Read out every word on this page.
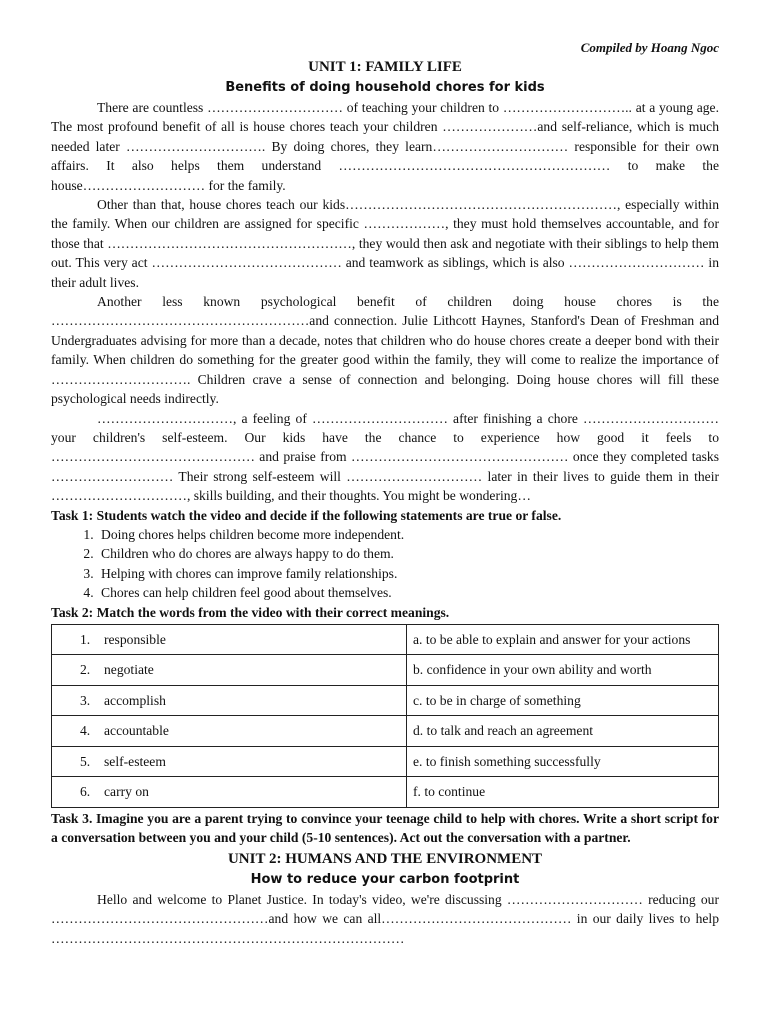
Compiled by Hoang Ngoc
UNIT 1: FAMILY LIFE
Benefits of doing household chores for kids

There are countless ………………………… of teaching your children to ……………………….. at a young age. The most profound benefit of all is house chores teach your children …………………and self-reliance, which is much needed later …………………………. By doing chores, they learn………………………… responsible for their own affairs. It also helps them understand …………………………………………………… to make the house……………………… for the family.

Other than that, house chores teach our kids……………………………………………………, especially within the family. When our children are assigned for specific ………………, they must hold themselves accountable, and for those that ………………………………………………, they would then ask and negotiate with their siblings to help them out. This very act …………………………………… and teamwork as siblings, which is also ………………………… in their adult lives.

Another less known psychological benefit of children doing house chores is the …………………………………………………and connection. Julie Lithcott Haynes, Stanford's Dean of Freshman and Undergraduates advising for more than a decade, notes that children who do house chores create a deeper bond with their family. When children do something for the greater good within the family, they will come to realize the importance of …………………………. Children crave a sense of connection and belonging. Doing house chores will fill these psychological needs indirectly.

…………………………, a feeling of ………………………… after finishing a chore ………………………… your children's self-esteem. Our kids have the chance to experience how good it feels to ……………………………………… and praise from ………………………………………… once they completed tasks ……………………… Their strong self-esteem will ………………………… later in their lives to guide them in their …………………………, skills building, and their thoughts. You might be wondering…

Task 1: Students watch the video and decide if the following statements are true or false.
1. Doing chores helps children become more independent.
2. Children who do chores are always happy to do them.
3. Helping with chores can improve family relationships.
4. Chores can help children feel good about themselves.
Task 2: Match the words from the video with their correct meanings.
1. responsible	a. to be able to explain and answer for your actions
2. negotiate	b. confidence in your own ability and worth
3. accomplish	c. to be in charge of something
4. accountable	d. to talk and reach an agreement
5. self-esteem	e. to finish something successfully
6. carry on	f. to continue
Task 3. Imagine you are a parent trying to convince your teenage child to help with chores. Write a short script for a conversation between you and your child (5-10 sentences). Act out the conversation with a partner.
UNIT 2: HUMANS AND THE ENVIRONMENT
How to reduce your carbon footprint

Hello and welcome to Planet Justice. In today's video, we're discussing ………………………… reducing our …………………………………………and how we can all…………………………………… in our daily lives to help ……………………………………………………………………
